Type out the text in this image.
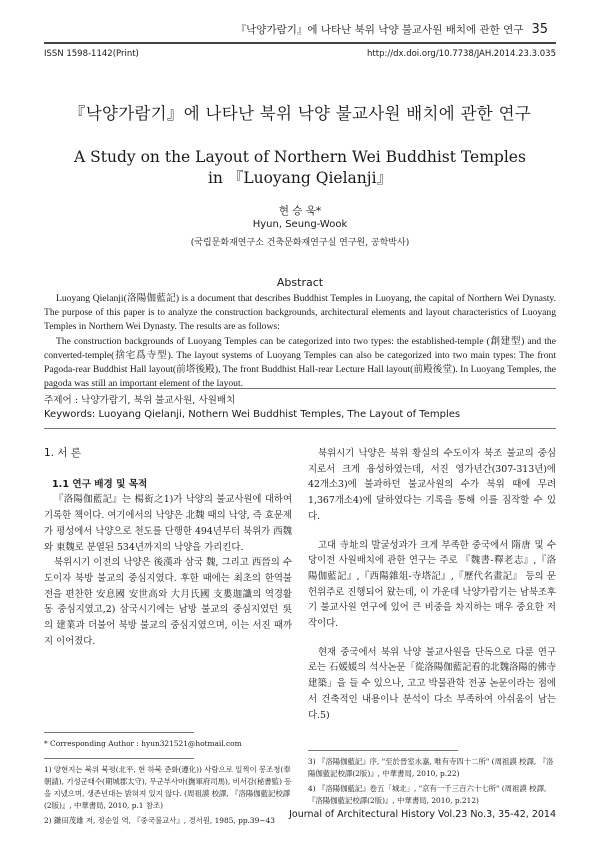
『낙양가람기』에 나타난 북위 낙양 불교사원 배치에 관한 연구 35
ISSN 1598-1142(Print)	http://dx.doi.org/10.7738/JAH.2014.23.3.035
『낙양가람기』에 나타난 북위 낙양 불교사원 배치에 관한 연구
A Study on the Layout of Northern Wei Buddhist Temples
in 『Luoyang Qielanji』
현 승 욱*
Hyun, Seung-Wook
(국립문화재연구소 건축문화재연구실 연구원, 공학박사)
Abstract

Luoyang Qielanji(洛陽伽藍記) is a document that describes Buddhist Temples in Luoyang, the capital of Northern Wei Dynasty. The purpose of this paper is to analyze the construction backgrounds, architectural elements and layout characteristics of Luoyang Temples in Northern Wei Dynasty. The results are as follows:

The construction backgrounds of Luoyang Temples can be categorized into two types: the established-temple (創建型) and the converted-temple(捨宅爲寺型). The layout systems of Luoyang Temples can also be categorized into two main types: The front Pagoda-rear Buddhist Hall layout(前塔後殿), The front Buddhist Hall-rear Lecture Hall layout(前殿後堂). In Luoyang Temples, the pagoda was still an important element of the layout.

주제어 : 낙양가람기, 북위 불교사원, 사원배치
Keywords: Luoyang Qielanji, Nothern Wei Buddhist Temples, The Layout of Temples
1. 서 론
1.1 연구 배경 및 목적

『洛陽伽藍記』는 楊衒之1)가 낙양의 불교사원에 대하여 기록한 책이다. 여기에서의 낙양은 北魏 때의 낙양, 즉 효문제가 평성에서 낙양으로 천도를 단행한 494년부터 북위가 西魏와 東魏로 분열된 534년까지의 낙양을 가리킨다.

북위시기 이전의 낙양은 後漢과 삼국 魏, 그리고 西晉의 수도이자 북방 불교의 중심지였다. 후한 때에는 최초의 한역불전을 편찬한 安息國 安世高와 大月氏國 支婁迦讖의 역경활동 중심지였고,2) 삼국시기에는 남방 불교의 중심지였던 吳의 建業과 더불어 북방 불교의 중심지였으며, 이는 서진 때까지 이어졌다.

* Corresponding Author : hyun321521@hotmail.com

1) 양현지는 북위 북평(北平, 현 하북 준화(遵化)) 사람으로 일찍이 봉조청(奉朝請), 기성군태수(期城郡太守), 무군부사마(撫軍府司馬), 비서감(秘書監) 등을 지냈으며, 생존년대는 밝혀져 있지 않다. (周祖謨 校譯, 『洛陽伽藍記校譯(2版)』, 中華書局, 2010, p.1 참조)

2) 鎌田茂雄 저, 정순일 역, 『중국불교사』, 경서원, 1985, pp.39~43

북위시기 낙양은 북위 황실의 수도이자 북조 불교의 중심지로서 크게 융성하였는데, 서진 영가년간(307-313년)에 42개소3)에 불과하던 불교사원의 수가 북위 때에 무려 1,367개소4)에 달하였다는 기록을 통해 이를 짐작할 수 있다.

고대 寺址의 발굴성과가 크게 부족한 중국에서 隋唐 및 수당이전 사원배치에 관한 연구는 주로 『魏書-釋老志』,『洛陽伽藍記』,『西陽雜俎-寺塔記』,『歷代名畫記』 등의 문헌위주로 진행되어 왔는데, 이 가운데 낙양가람기는 남북조후기 불교사원 연구에 있어 큰 비중을 차지하는 매우 중요한 저작이다.

현재 중국에서 북위 낙양 불교사원을 단독으로 다룬 연구로는 石媛媛의 석사논문「從洛陽伽藍記看的北魏洛陽的佛寺建築」을 들 수 있으나, 고고 박물관학 전공 논문이라는 점에서 건축적인 내용이나 분석이 다소 부족하여 아쉬움이 남는다.5)

3) 『洛陽伽藍記』序, "至於晉室永嘉, 唯有寺四十二所" (周祖謨 校譯, 『洛陽伽藍記校譯(2版)』, 中華書局, 2010, p.22)

4) 『洛陽伽藍記』卷五「城北」, "京有一千三百六十七所" (周祖謨 校譯, 『洛陽伽藍記校譯(2版)』, 中華書局, 2010, p.212)

Journal of Architectural History Vol.23 No.3, 35-42, 2014
